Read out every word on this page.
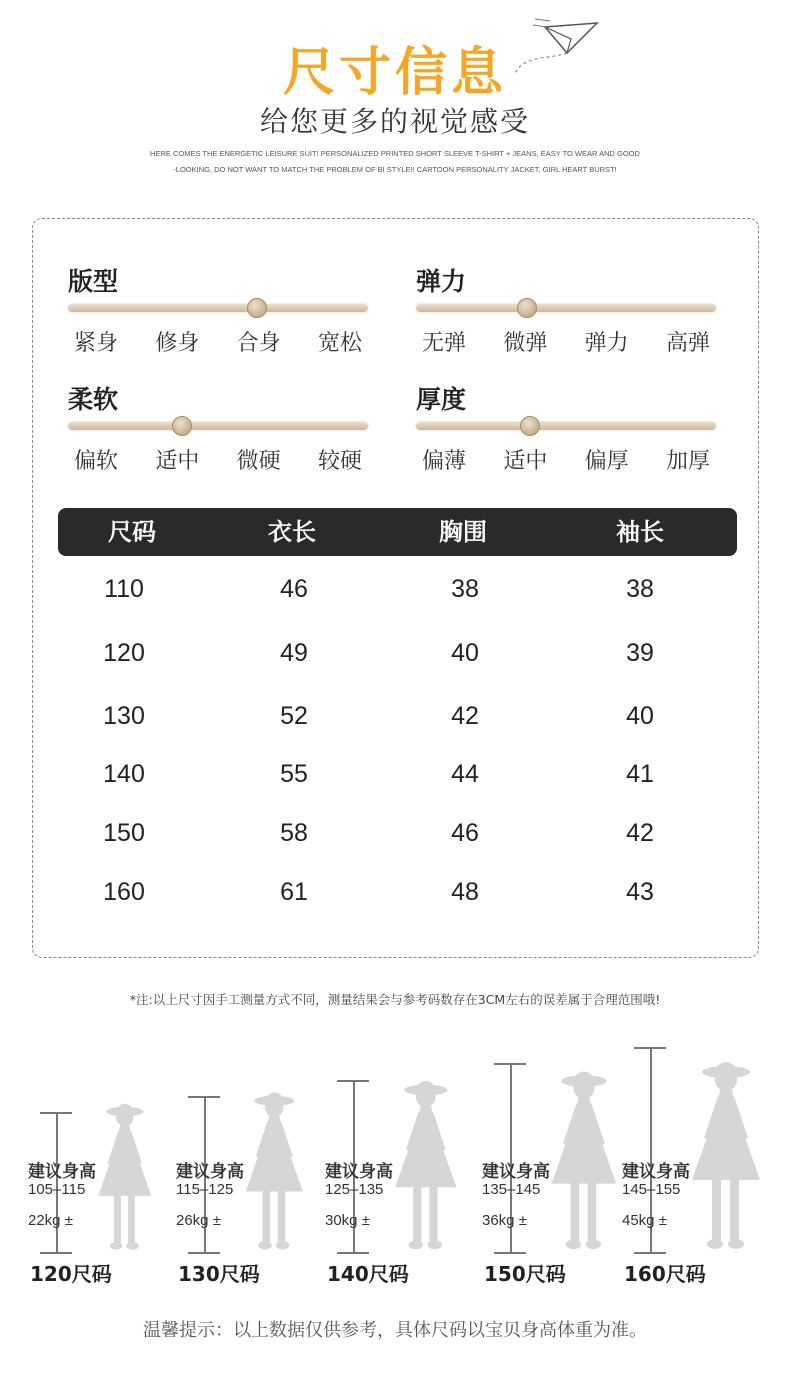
尺寸信息
给您更多的视觉感受
HERE COMES THE ENERGETIC LEISURE SUIT! PERSONALIZED PRINTED SHORT SLEEVE T-SHIRT + JEANS, EASY TO WEAR AND GOOD
-LOOKING, DO NOT WANT TO MATCH THE PROBLEM OF BI STYLE!! CARTOON PERSONALITY JACKET, GIRL HEART BURST!
版型
紧身 修身 合身 宽松
弹力
无弹 微弹 弹力 高弹
柔软
偏软 适中 微硬 较硬
厚度
偏薄 适中 偏厚 加厚
尺码	衣长	胸围	袖长
110	46	38	38
120	49	40	39
130	52	42	40
140	55	44	41
150	58	46	42
160	61	48	43
*注:以上尺寸因手工测量方式不同，测量结果会与参考码数存在3CM左右的误差属于合理范围哦!
建议身高
105–115
22kg ±
120尺码
建议身高
115–125
26kg ±
130尺码
建议身高
125–135
30kg ±
140尺码
建议身高
135–145
36kg ±
150尺码
建议身高
145–155
45kg ±
160尺码
温馨提示：以上数据仅供参考，具体尺码以宝贝身高体重为准。
